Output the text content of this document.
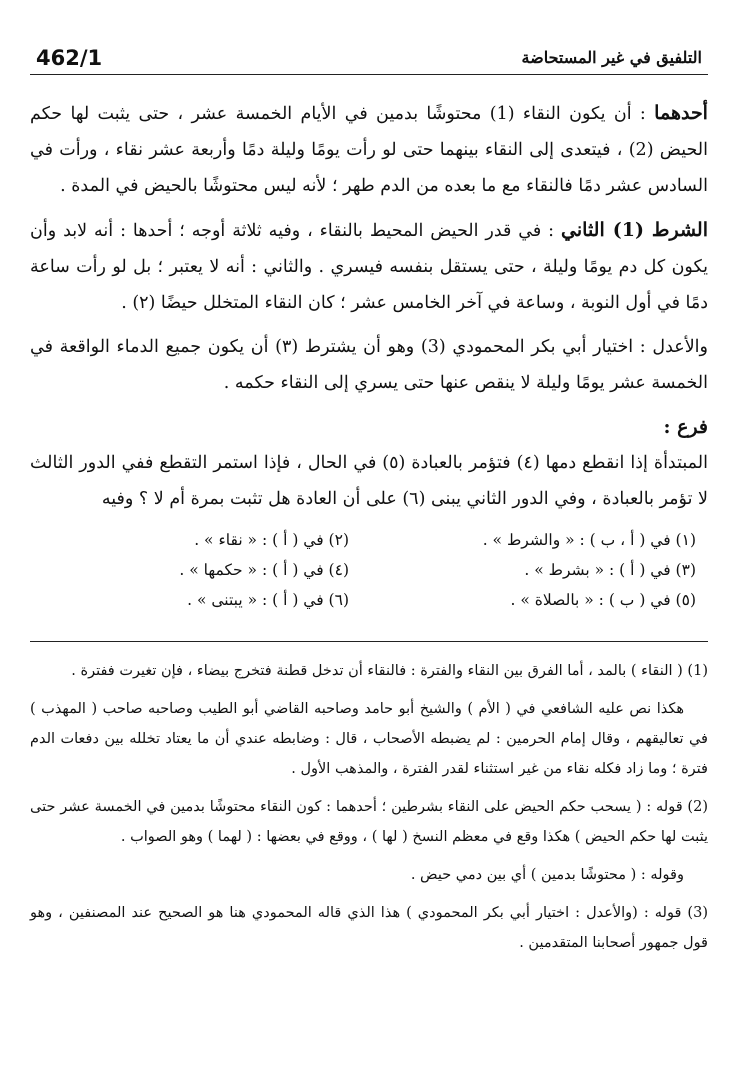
462/1	التلفيق في غير المستحاضة

أحدهما : أن يكون النقاء (1) محتوشًا بدمين في الأيام الخمسة عشر ، حتى يثبت لها حكم الحيض (2) ، فيتعدى إلى النقاء بينهما حتى لو رأت يومًا وليلة دمًا وأربعة عشر نقاء ، ورأت في السادس عشر دمًا فالنقاء مع ما بعده من الدم طهر ؛ لأنه ليس محتوشًا بالحيض في المدة .

الشرط (1) الثاني : في قدر الحيض المحيط بالنقاء ، وفيه ثلاثة أوجه ؛ أحدها : أنه لابد وأن يكون كل دم يومًا وليلة ، حتى يستقل بنفسه فيسري . والثاني : أنه لا يعتبر ؛ بل لو رأت ساعة دمًا في أول النوبة ، وساعة في آخر الخامس عشر ؛ كان النقاء المتخلل حيضًا (٢) .

والأعدل : اختيار أبي بكر المحمودي (3) وهو أن يشترط (٣) أن يكون جميع الدماء الواقعة في الخمسة عشر يومًا وليلة لا ينقص عنها حتى يسري إلى النقاء حكمه .

فرع :

المبتدأة إذا انقطع دمها (٤) فتؤمر بالعبادة (٥) في الحال ، فإذا استمر التقطع ففي الدور الثالث لا تؤمر بالعبادة ، وفي الدور الثاني يبنى (٦) على أن العادة هل تثبت بمرة أم لا ؟ وفيه

(١) في ( أ ، ب ) : « والشرط » .
(٢) في ( أ ) : « نقاء » .
(٣) في ( أ ) : « بشرط » .
(٤) في ( أ ) : « حكمها » .
(٥) في ( ب ) : « بالصلاة » .
(٦) في ( أ ) : « يبتنى » .

(1) ( النقاء ) بالمد ، أما الفرق بين النقاء والفترة : فالنقاء أن تدخل قطنة فتخرج بيضاء ، فإن تغيرت ففترة .

هكذا نص عليه الشافعي في ( الأم ) والشيخ أبو حامد وصاحبه القاضي أبو الطيب وصاحبه صاحب ( المهذب ) في تعاليقهم ، وقال إمام الحرمين : لم يضبطه الأصحاب ، قال : وضابطه عندي أن ما يعتاد تخلله بين دفعات الدم فترة ؛ وما زاد فكله نقاء من غير استثناء لقدر الفترة ، والمذهب الأول .

(2) قوله : ( يسحب حكم الحيض على النقاء بشرطين ؛ أحدهما : كون النقاء محتوشًا بدمين في الخمسة عشر حتى يثبت لها حكم الحيض ) هكذا وقع في معظم النسخ ( لها ) ، ووقع في بعضها : ( لهما ) وهو الصواب .

وقوله : ( محتوشًا بدمين ) أي بين دمي حيض .

(3) قوله : (والأعدل : اختيار أبي بكر المحمودي ) هذا الذي قاله المحمودي هنا هو الصحيح عند المصنفين ، وهو قول جمهور أصحابنا المتقدمين .
